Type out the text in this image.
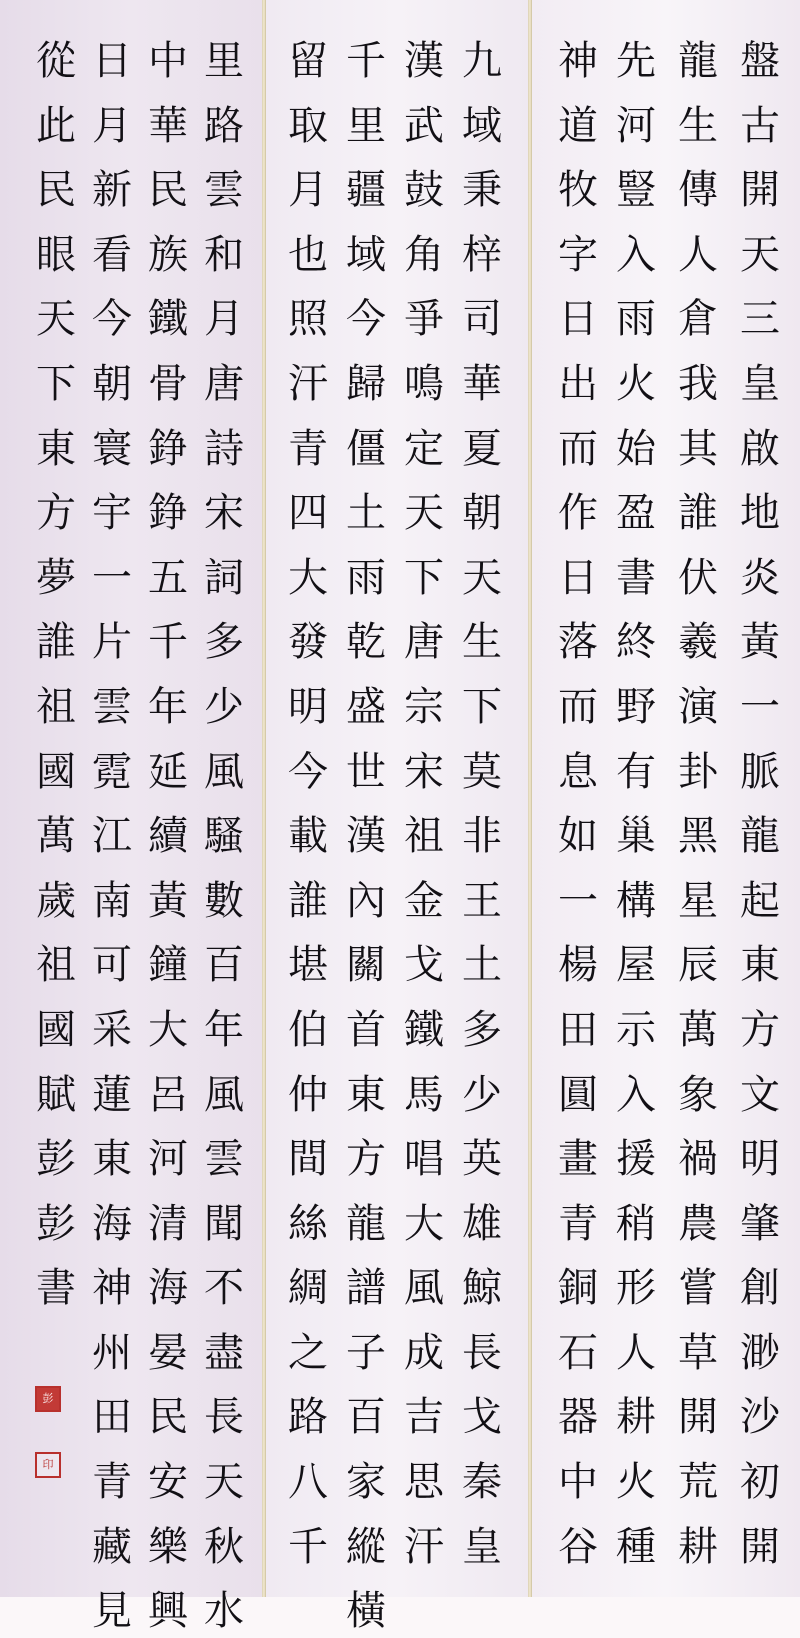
盤
古
開
天
三
皇
啟
地
炎
黃
一
脈
龍
起
東
方
文
明
肇
創
渺
沙
初
開
龍
生
傳
人
倉
我
其
誰
伏
羲
演
卦
黑
星
辰
萬
象
禍
農
嘗
草
開
荒
耕
先
河
豎
入
雨
火
始
盈
書
終
野
有
巢
構
屋
示
入
援
稍
形
人
耕
火
種
神
道
牧
字
日
出
而
作
日
落
而
息
如
一
楊
田
圓
畫
青
銅
石
器
中
谷
九
域
秉
梓
司
華
夏
朝
天
生
下
莫
非
王
土
多
少
英
雄
鯨
長
戈
秦
皇
漢
武
鼓
角
爭
鳴
定
天
下
唐
宗
宋
祖
金
戈
鐵
馬
唱
大
風
成
吉
思
汗
千
里
疆
域
今
歸
僵
土
雨
乾
盛
世
漢
內
關
首
東
方
龍
譜
子
百
家
縱
橫
留
取
月
也
照
汗
青
四
大
發
明
今
載
誰
堪
伯
仲
間
絲
綢
之
路
八
千
里
路
雲
和
月
唐
詩
宋
詞
多
少
風
騷
數
百
年
風
雲
聞
不
盡
長
天
秋
水
中
華
民
族
鐵
骨
錚
錚
五
千
年
延
續
黃
鐘
大
呂
河
清
海
晏
民
安
樂
興
日
月
新
看
今
朝
寰
宇
一
片
雲
霓
江
南
可
采
蓮
東
海
神
州
田
青
藏
見
從
此
民
眼
天
下
東
方
夢
誰
祖
國
萬
歲
祖
國
賦
彭
彭
書
彭
印
